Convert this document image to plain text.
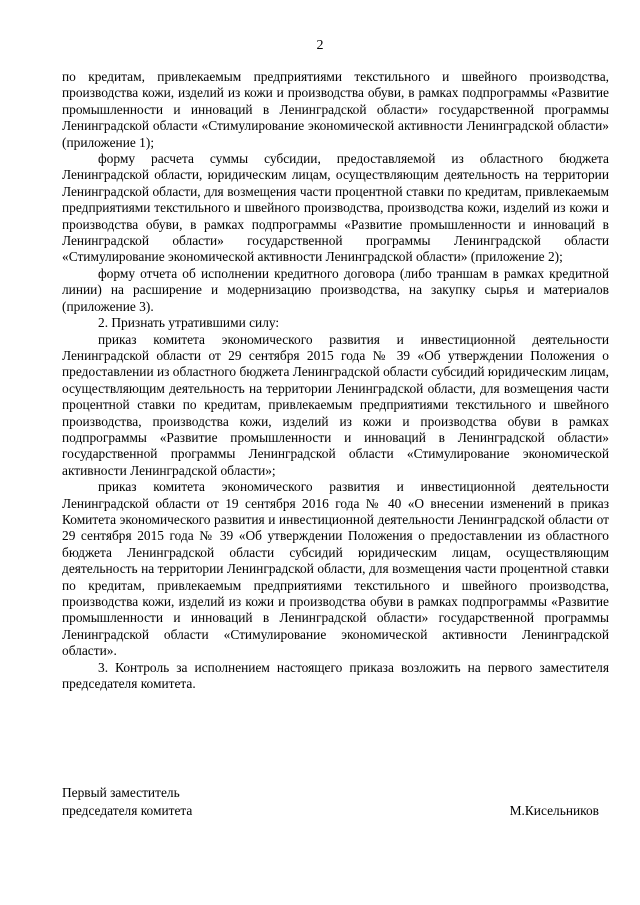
2

по кредитам, привлекаемым предприятиями текстильного и швейного производства, производства кожи, изделий из кожи и производства обуви, в рамках подпрограммы «Развитие промышленности и инноваций в Ленинградской области» государственной программы Ленинградской области «Стимулирование экономической активности Ленинградской области» (приложение 1);

форму расчета суммы субсидии, предоставляемой из областного бюджета Ленинградской области, юридическим лицам, осуществляющим деятельность на территории Ленинградской области, для возмещения части процентной ставки по кредитам, привлекаемым предприятиями текстильного и швейного производства, производства кожи, изделий из кожи и производства обуви, в рамках подпрограммы «Развитие промышленности и инноваций в Ленинградской области» государственной программы Ленинградской области «Стимулирование экономической активности Ленинградской области» (приложение 2);

форму отчета об исполнении кредитного договора (либо траншам в рамках кредитной линии) на расширение и модернизацию производства, на закупку сырья и материалов (приложение 3).

2. Признать утратившими силу:

приказ комитета экономического развития и инвестиционной деятельности Ленинградской области от 29 сентября 2015 года № 39 «Об утверждении Положения о предоставлении из областного бюджета Ленинградской области субсидий юридическим лицам, осуществляющим деятельность на территории Ленинградской области, для возмещения части процентной ставки по кредитам, привлекаемым предприятиями текстильного и швейного производства, производства кожи, изделий из кожи и производства обуви в рамках подпрограммы «Развитие промышленности и инноваций в Ленинградской области» государственной программы Ленинградской области «Стимулирование экономической активности Ленинградской области»;

приказ комитета экономического развития и инвестиционной деятельности Ленинградской области от 19 сентября 2016 года № 40 «О внесении изменений в приказ Комитета экономического развития и инвестиционной деятельности Ленинградской области от 29 сентября 2015 года № 39 «Об утверждении Положения о предоставлении из областного бюджета Ленинградской области субсидий юридическим лицам, осуществляющим деятельность на территории Ленинградской области, для возмещения части процентной ставки по кредитам, привлекаемым предприятиями текстильного и швейного производства, производства кожи, изделий из кожи и производства обуви в рамках подпрограммы «Развитие промышленности и инноваций в Ленинградской области» государственной программы Ленинградской области «Стимулирование экономической активности Ленинградской области».

3. Контроль за исполнением настоящего приказа возложить на первого заместителя председателя комитета.

Первый заместитель
председателя комитета	М.Кисельников
